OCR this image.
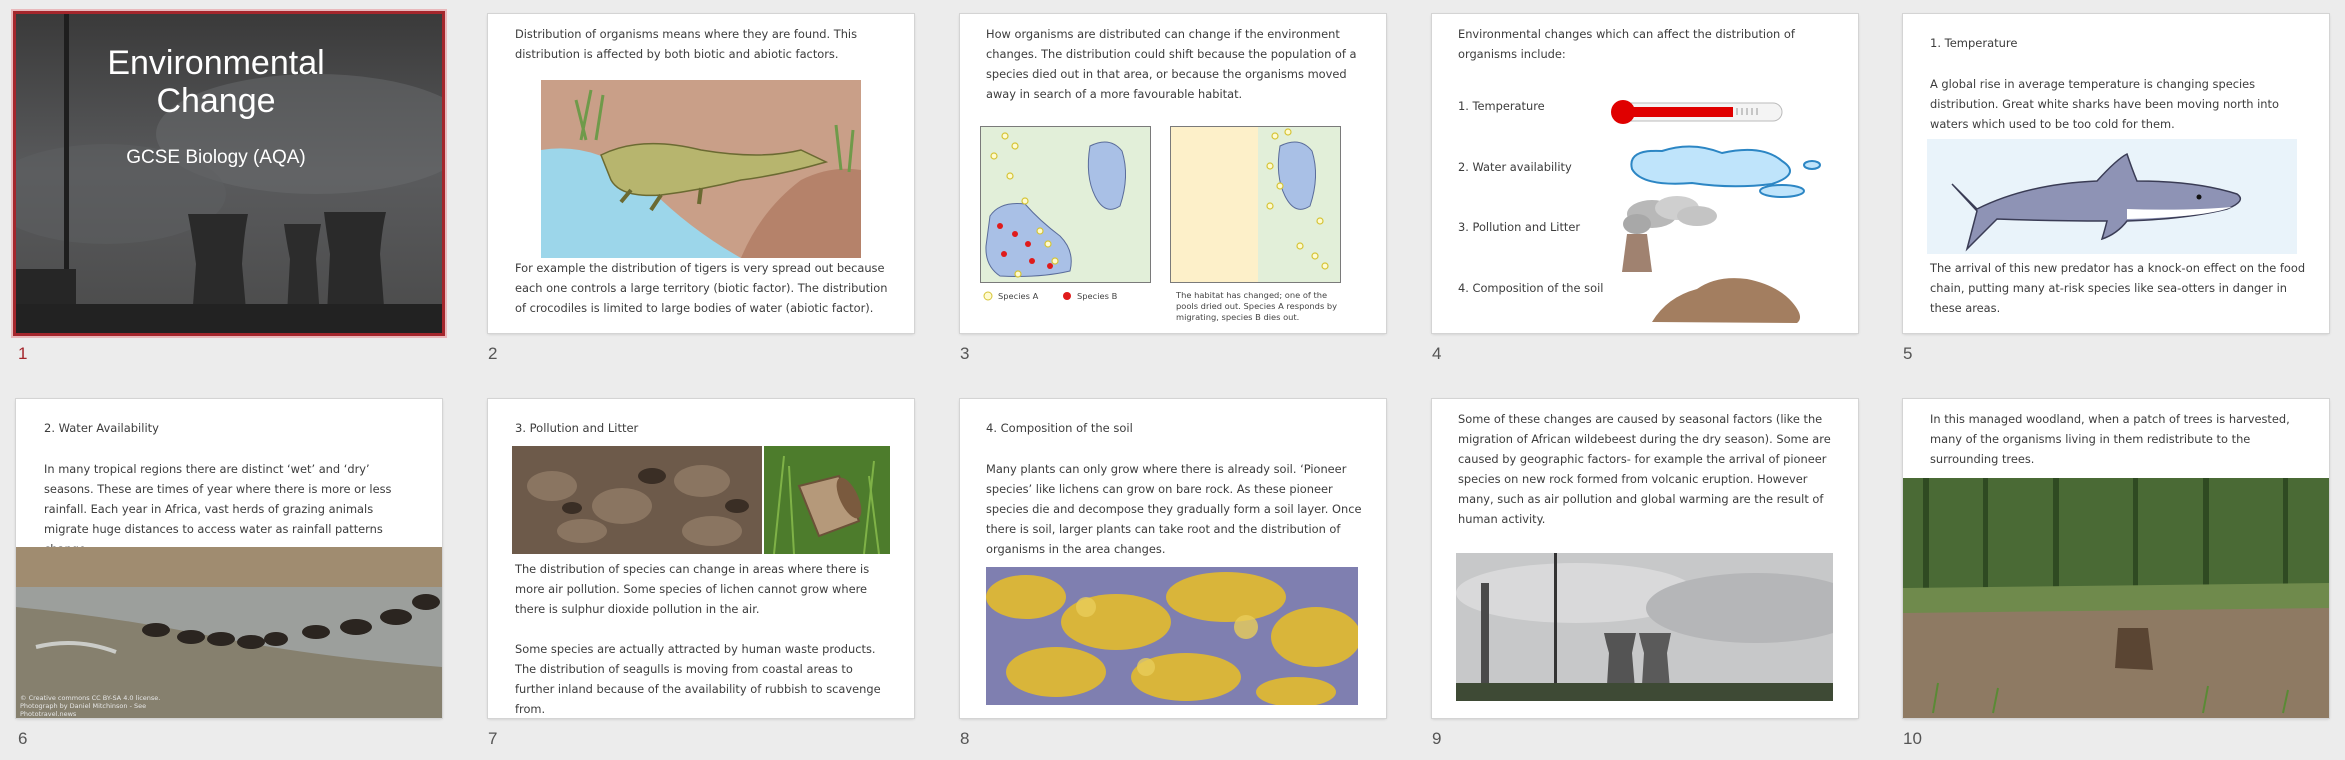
Environmental Change
GCSE Biology (AQA)
1

Distribution of organisms means where they are found. This distribution is affected by both biotic and abiotic factors.

For example the distribution of tigers is very spread out because each one controls a large territory (biotic factor). The distribution of crocodiles is limited to large bodies of water (abiotic factor).

2

How organisms are distributed can change if the environment changes. The distribution could shift because the population of a species died out in that area, or because the organisms moved away in search of a more favourable habitat.

Species A	Species B	The habitat has changed; one of the pools dried out. Species A responds by migrating, species B dies out.

3

Environmental changes which can affect the distribution of organisms include:

1. Temperature
2. Water availability
3. Pollution and Litter
4. Composition of the soil
4
1. Temperature

A global rise in average temperature is changing species distribution. Great white sharks have been moving north into waters which used to be too cold for them.

The arrival of this new predator has a knock-on effect on the food chain, putting many at-risk species like sea-otters in danger in these areas.

5
2. Water Availability

In many tropical regions there are distinct ‘wet’ and ‘dry’ seasons. These are times of year where there is more or less rainfall. Each year in Africa, vast herds of grazing animals migrate huge distances to access water as rainfall patterns

© Creative commons CC BY-SA 4.0 license. Photograph by Daniel Mitchinson - See Phototravel.news

6
3. Pollution and Litter

The distribution of species can change in areas where there is more air pollution. Some species of lichen cannot grow where there is sulphur dioxide pollution in the air.

Some species are actually attracted by human waste products. The distribution of seagulls is moving from coastal areas to further inland because of the availability of rubbish to scavenge from.

7
4. Composition of the soil

Many plants can only grow where there is already soil. ‘Pioneer species’ like lichens can grow on bare rock. As these pioneer species die and decompose they gradually form a soil layer. Once there is soil, larger plants can take root and the distribution of organisms in the area changes.

8

Some of these changes are caused by seasonal factors (like the migration of African wildebeest during the dry season). Some are caused by geographic factors- for example the arrival of pioneer species on new rock formed from volcanic eruption. However many, such as air pollution and global warming are the result of human activity.

9

In this managed woodland, when a patch of trees is harvested, many of the organisms living in them redistribute to the surrounding trees.

10
